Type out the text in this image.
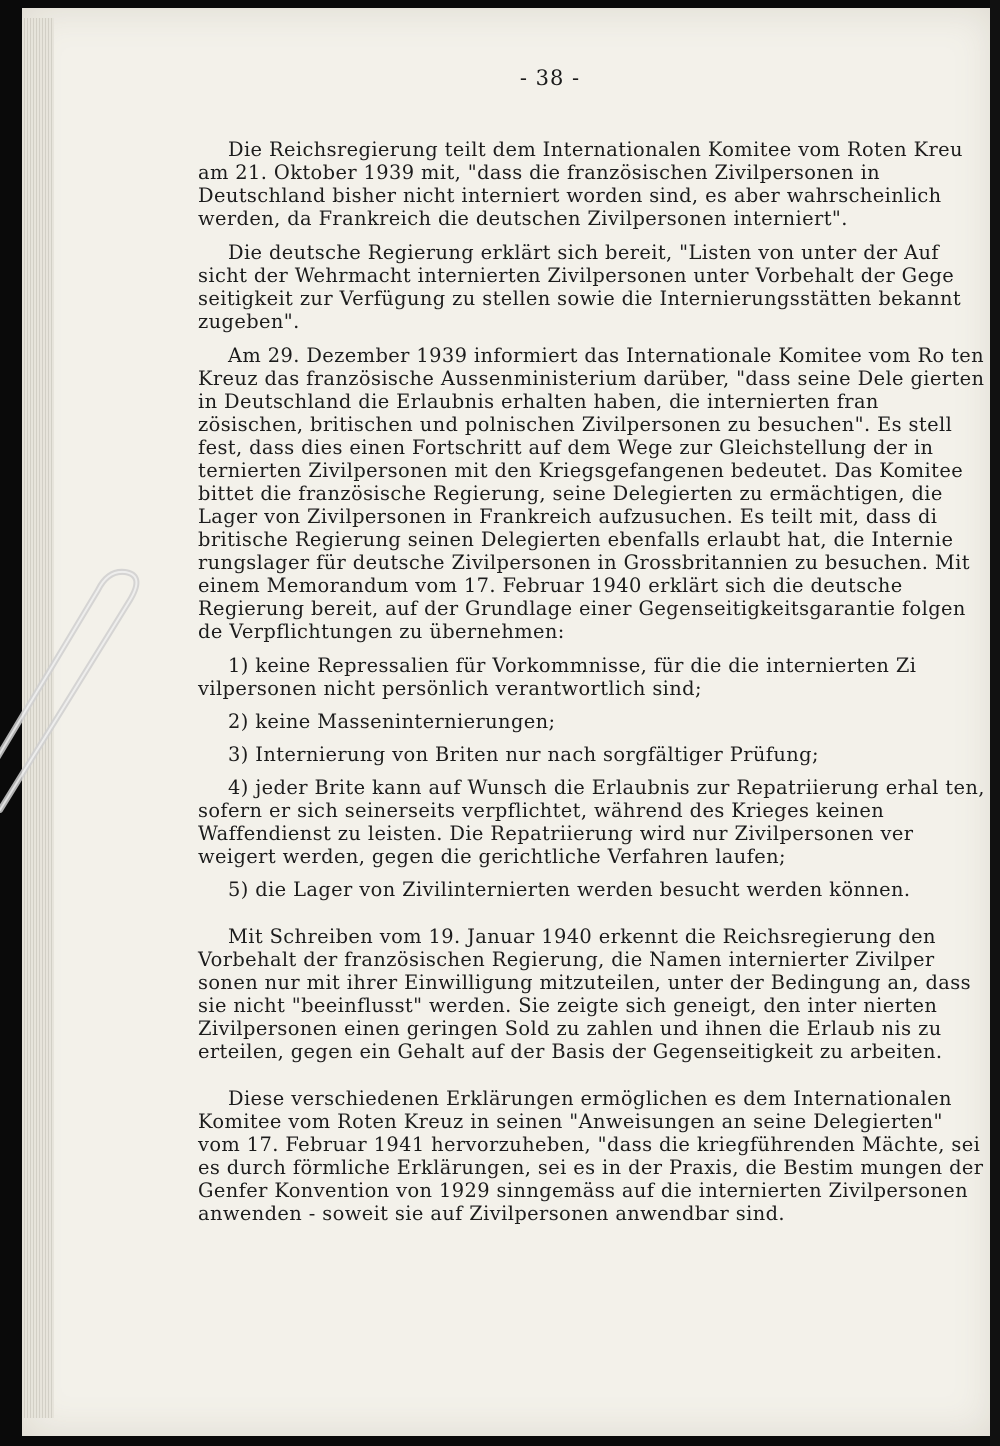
- 38 -

Die Reichsregierung teilt dem Internationalen Komitee vom Roten Kreu am 21. Oktober 1939 mit, "dass die französischen Zivilpersonen in Deutschland bisher nicht interniert worden sind, es aber wahrscheinlich werden, da Frankreich die deutschen Zivilpersonen interniert".

Die deutsche Regierung erklärt sich bereit, "Listen von unter der Auf sicht der Wehrmacht internierten Zivilpersonen unter Vorbehalt der Gege seitigkeit zur Verfügung zu stellen sowie die Internierungsstätten bekannt zugeben".

Am 29. Dezember 1939 informiert das Internationale Komitee vom Ro ten Kreuz das französische Aussenministerium darüber, "dass seine Dele gierten in Deutschland die Erlaubnis erhalten haben, die internierten fran zösischen, britischen und polnischen Zivilpersonen zu besuchen". Es stell fest, dass dies einen Fortschritt auf dem Wege zur Gleichstellung der in ternierten Zivilpersonen mit den Kriegsgefangenen bedeutet. Das Komitee bittet die französische Regierung, seine Delegierten zu ermächtigen, die Lager von Zivilpersonen in Frankreich aufzusuchen. Es teilt mit, dass di britische Regierung seinen Delegierten ebenfalls erlaubt hat, die Internie rungslager für deutsche Zivilpersonen in Grossbritannien zu besuchen. Mit einem Memorandum vom 17. Februar 1940 erklärt sich die deutsche Regierung bereit, auf der Grundlage einer Gegenseitigkeitsgarantie folgen de Verpflichtungen zu übernehmen:

1) keine Repressalien für Vorkommnisse, für die die internierten Zi vilpersonen nicht persönlich verantwortlich sind;
2) keine Masseninternierungen;
3) Internierung von Briten nur nach sorgfältiger Prüfung;
4) jeder Brite kann auf Wunsch die Erlaubnis zur Repatriierung erhal ten, sofern er sich seinerseits verpflichtet, während des Krieges keinen Waffendienst zu leisten. Die Repatriierung wird nur Zivilpersonen ver weigert werden, gegen die gerichtliche Verfahren laufen;
5) die Lager von Zivilinternierten werden besucht werden können.

Mit Schreiben vom 19. Januar 1940 erkennt die Reichsregierung den Vorbehalt der französischen Regierung, die Namen internierter Zivilper sonen nur mit ihrer Einwilligung mitzuteilen, unter der Bedingung an, dass sie nicht "beeinflusst" werden. Sie zeigte sich geneigt, den inter nierten Zivilpersonen einen geringen Sold zu zahlen und ihnen die Erlaub nis zu erteilen, gegen ein Gehalt auf der Basis der Gegenseitigkeit zu arbeiten.

Diese verschiedenen Erklärungen ermöglichen es dem Internationalen Komitee vom Roten Kreuz in seinen "Anweisungen an seine Delegierten" vom 17. Februar 1941 hervorzuheben, "dass die kriegführenden Mächte, sei es durch förmliche Erklärungen, sei es in der Praxis, die Bestim mungen der Genfer Konvention von 1929 sinngemäss auf die internierten Zivilpersonen anwenden - soweit sie auf Zivilpersonen anwendbar sind.
